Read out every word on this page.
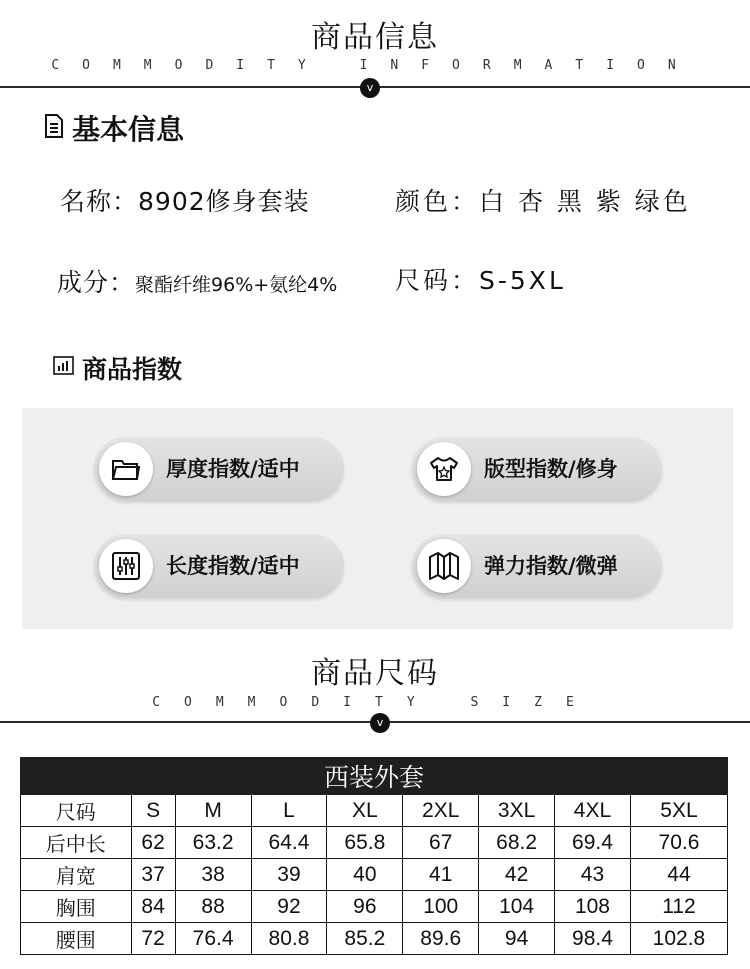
商品信息
COMMODITY INFORMATION
v
基本信息
名称：8902修身套装	颜色：白 杏 黑 紫 绿色
成分：聚酯纤维96%+氨纶4% 尺码：S-5XL
商品指数
厚度指数/适中	版型指数/修身
长度指数/适中	弹力指数/微弹
商品尺码
COMMODITY SIZE
v
西装外套								
尺码	S	M	L	XL	2XL	3XL	4XL	5XL
后中长	62	63.2	64.4	65.8	67	68.2	69.4	70.6
肩宽	37	38	39	40	41	42	43	44
胸围	84	88	92	96	100	104	108	112
腰围	72	76.4	80.8	85.2	89.6	94	98.4	102.8
